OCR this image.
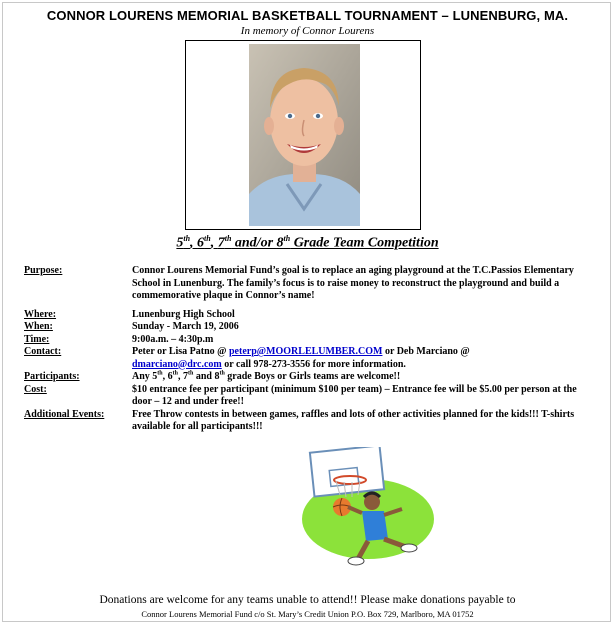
CONNOR LOURENS MEMORIAL BASKETBALL TOURNAMENT – LUNENBURG, MA.
In memory of Connor Lourens
5th, 6th, 7th and/or 8th Grade Team Competition
Purpose:	Connor Lourens Memorial Fund’s goal is to replace an aging playground at the T.C.Passios Elementary School in Lunenburg. The family’s focus is to raise money to reconstruct the playground and build a commemorative plaque in Connor’s name!
Where:	Lunenburg High School
When:	Sunday - March 19, 2006
Time:	9:00a.m. – 4:30p.m
Contact:	Peter or Lisa Patno @ peterp@MOORLELUMBER.COM or Deb Marciano @
dmarciano@drc.com or call 978-273-3556 for more information.
Participants:	Any 5th, 6th, 7th and 8th grade Boys or Girls teams are welcome!!
Cost:	$10 entrance fee per participant (minimum $100 per team) – Entrance fee will be $5.00 per person at the door – 12 and under free!!
Additional Events:	Free Throw contests in between games, raffles and lots of other activities planned for the kids!!! T-shirts available for all participants!!!
Donations are welcome for any teams unable to attend!! Please make donations payable to
Connor Lourens Memorial Fund c/o St. Mary’s Credit Union P.O. Box 729, Marlboro, MA 01752
